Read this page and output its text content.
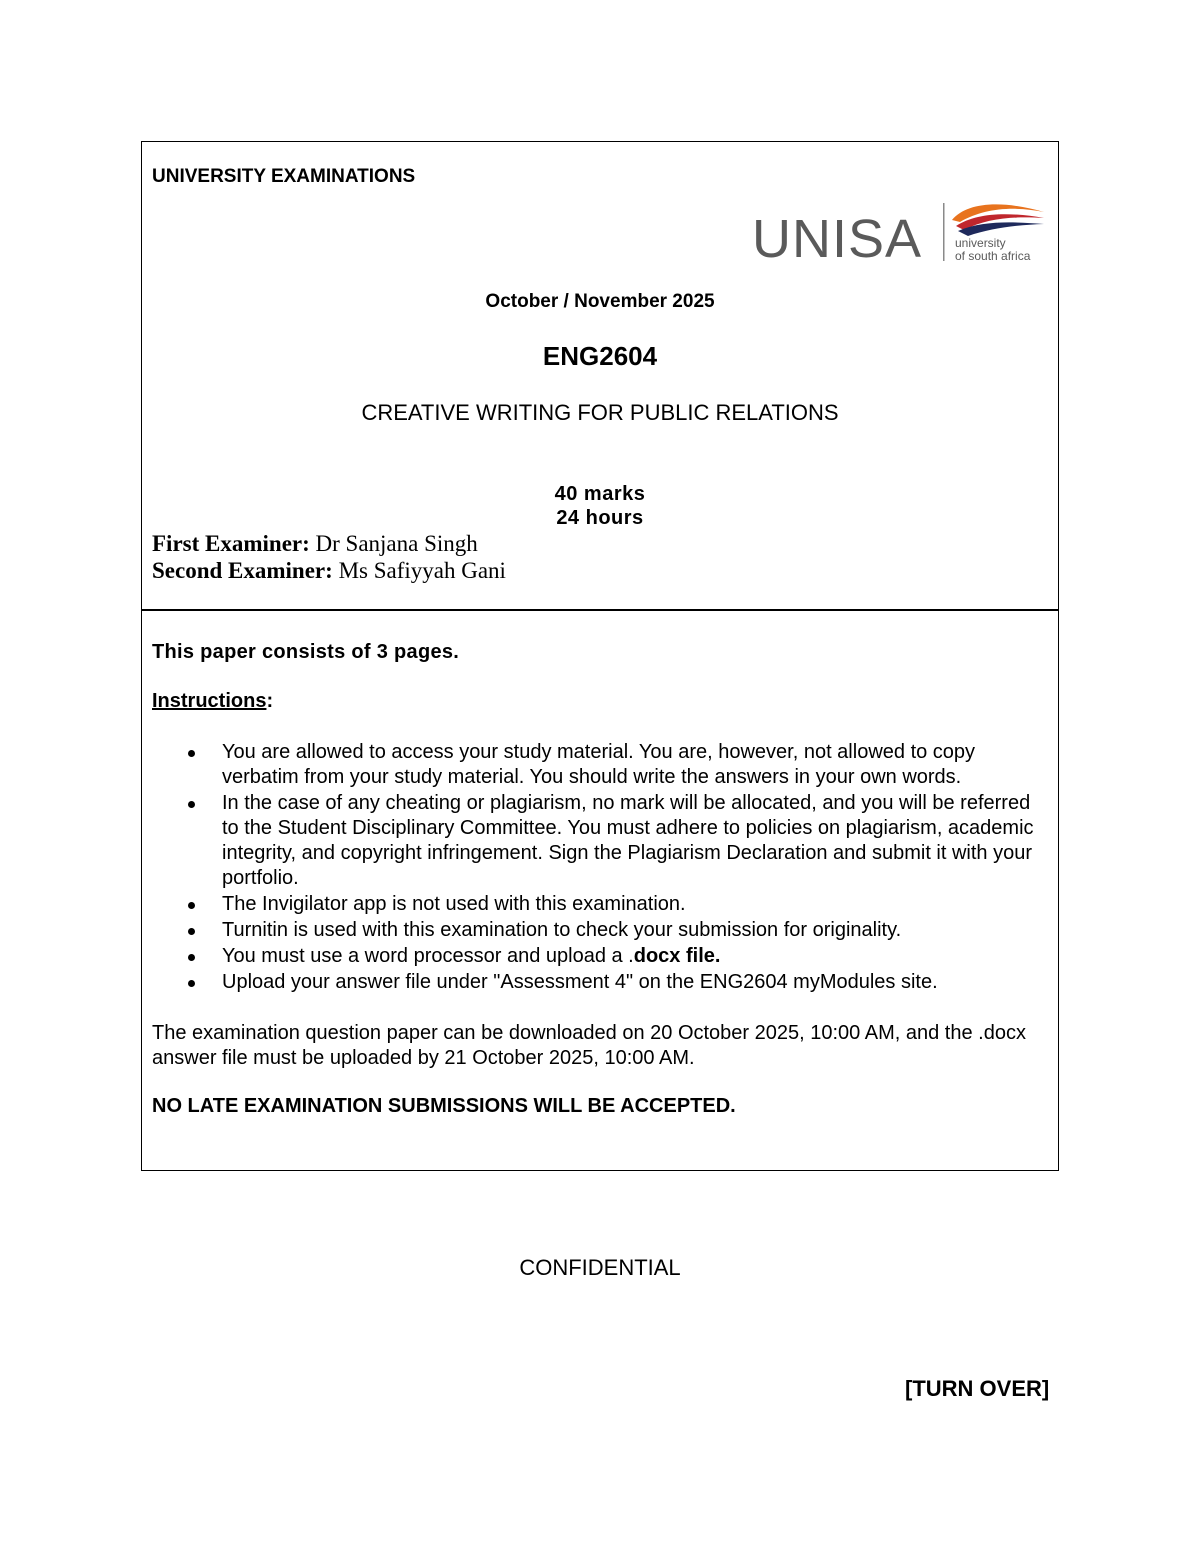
UNIVERSITY EXAMINATIONS
UNISA	university
of south africa
October / November 2025
ENG2604
CREATIVE WRITING FOR PUBLIC RELATIONS
40 marks
24 hours
First Examiner: Dr Sanjana Singh
Second Examiner: Ms Safiyyah Gani
This paper consists of 3 pages.
Instructions:
You are allowed to access your study material. You are, however, not allowed to copy verbatim from your study material. You should write the answers in your own words.
In the case of any cheating or plagiarism, no mark will be allocated, and you will be referred to the Student Disciplinary Committee. You must adhere to policies on plagiarism, academic integrity, and copyright infringement. Sign the Plagiarism Declaration and submit it with your portfolio.
The Invigilator app is not used with this examination.
Turnitin is used with this examination to check your submission for originality.
You must use a word processor and upload a .docx file.
Upload your answer file under "Assessment 4" on the ENG2604 myModules site.
The examination question paper can be downloaded on 20 October 2025, 10:00 AM, and the .docx answer file must be uploaded by 21 October 2025, 10:00 AM.
NO LATE EXAMINATION SUBMISSIONS WILL BE ACCEPTED.
CONFIDENTIAL
[TURN OVER]
